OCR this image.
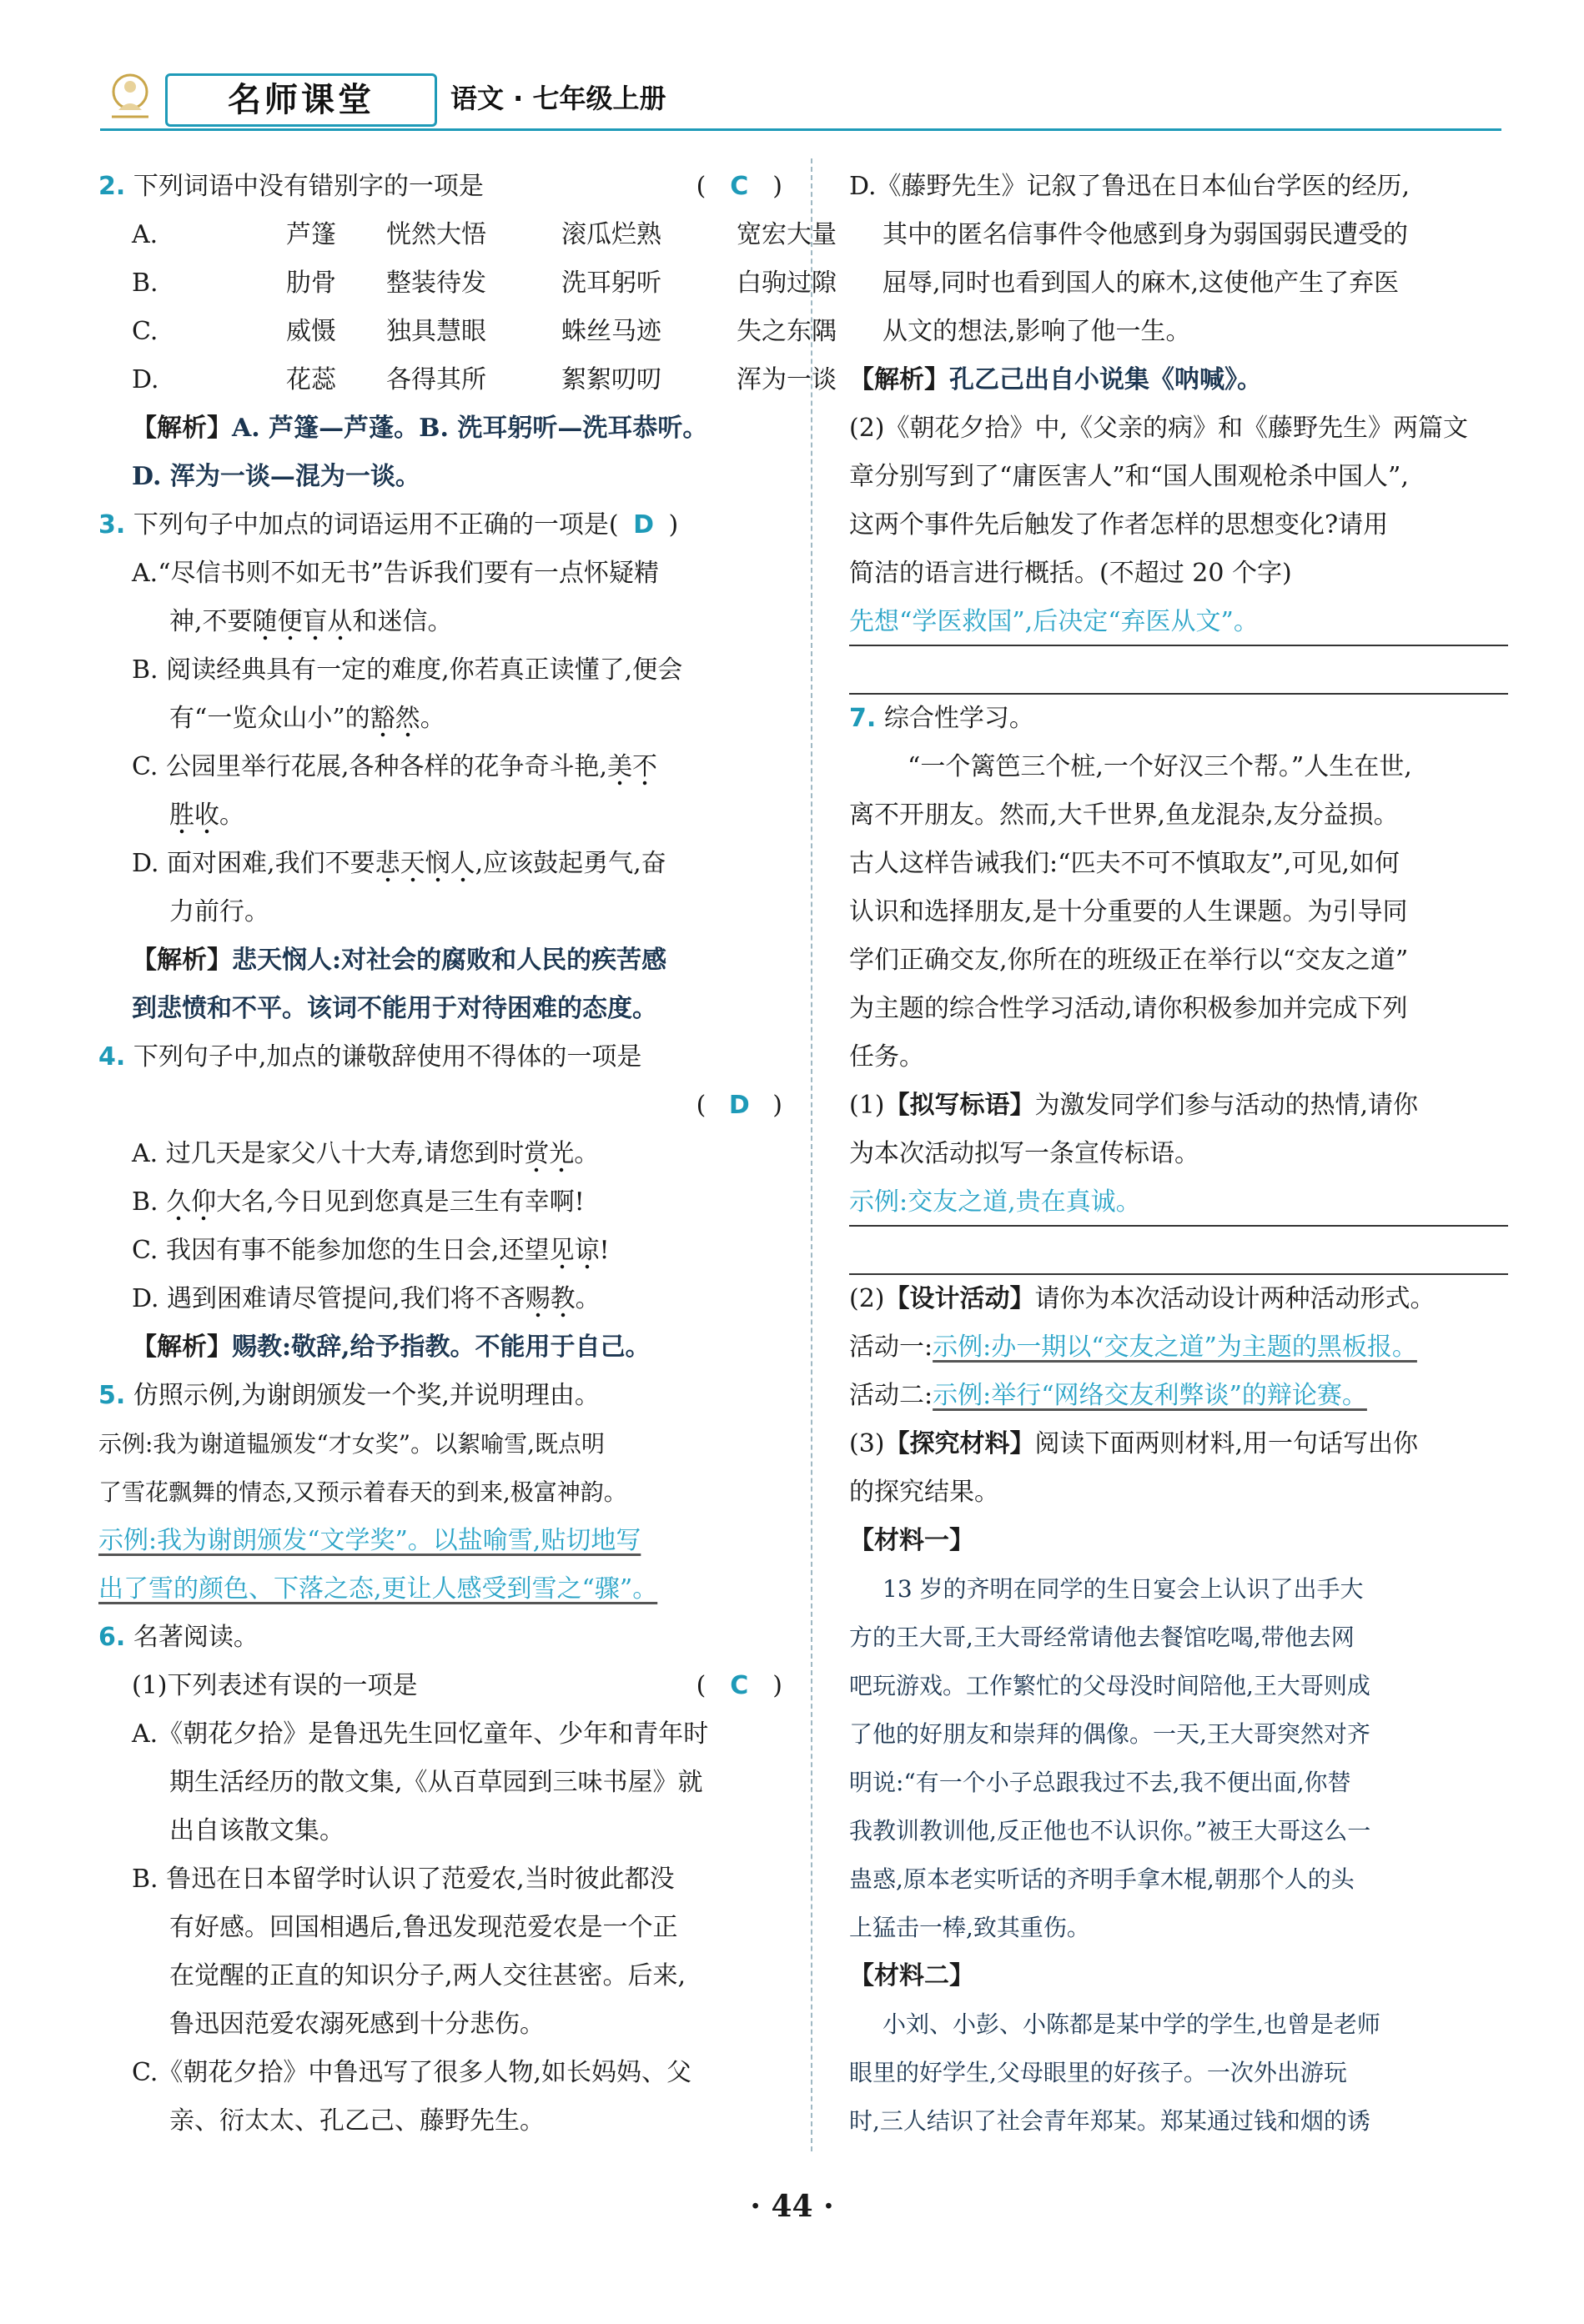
名师课堂	语文 · 七年级上册
2. 下列词语中没有错别字的一项是	( C )
A.	芦篷 恍然大悟	滚瓜烂熟	宽宏大量
B.	肋骨 整装待发	洗耳躬听	白驹过隙
C.	威慑 独具慧眼	蛛丝马迹	失之东隅
D.	花蕊 各得其所	絮絮叨叨	浑为一谈
【解析】A. 芦篷—芦蓬。B. 洗耳躬听—洗耳恭听。
D. 浑为一谈—混为一谈。
3. 下列句子中加点的词语运用不正确的一项是( D )
A.“尽信书则不如无书”告诉我们要有一点怀疑精
神,不要随便盲从和迷信。
B. 阅读经典具有一定的难度,你若真正读懂了,便会
有“一览众山小”的豁然。
C. 公园里举行花展,各种各样的花争奇斗艳,美不
胜收。
D. 面对困难,我们不要悲天悯人,应该鼓起勇气,奋
力前行。
【解析】悲天悯人:对社会的腐败和人民的疾苦感
到悲愤和不平。该词不能用于对待困难的态度。
4. 下列句子中,加点的谦敬辞使用不得体的一项是
( D )
A. 过几天是家父八十大寿,请您到时赏光。
B. 久仰大名,今日见到您真是三生有幸啊!
C. 我因有事不能参加您的生日会,还望见谅!
D. 遇到困难请尽管提问,我们将不吝赐教。
【解析】赐教:敬辞,给予指教。不能用于自己。
5. 仿照示例,为谢朗颁发一个奖,并说明理由。
示例:我为谢道韫颁发“才女奖”。以絮喻雪,既点明
了雪花飘舞的情态,又预示着春天的到来,极富神韵。
示例:我为谢朗颁发“文学奖”。以盐喻雪,贴切地写
出了雪的颜色、下落之态,更让人感受到雪之“骤”。
6. 名著阅读。
(1)下列表述有误的一项是	( C )
A.《朝花夕拾》是鲁迅先生回忆童年、少年和青年时
期生活经历的散文集,《从百草园到三味书屋》就
出自该散文集。
B. 鲁迅在日本留学时认识了范爱农,当时彼此都没
有好感。回国相遇后,鲁迅发现范爱农是一个正
在觉醒的正直的知识分子,两人交往甚密。后来,
鲁迅因范爱农溺死感到十分悲伤。
C.《朝花夕拾》中鲁迅写了很多人物,如长妈妈、父
亲、衍太太、孔乙己、藤野先生。
D.《藤野先生》记叙了鲁迅在日本仙台学医的经历,
其中的匿名信事件令他感到身为弱国弱民遭受的
屈辱,同时也看到国人的麻木,这使他产生了弃医
从文的想法,影响了他一生。
【解析】孔乙己出自小说集《呐喊》。
(2)《朝花夕拾》中,《父亲的病》和《藤野先生》两篇文
章分别写到了“庸医害人”和“国人围观枪杀中国人”,
这两个事件先后触发了作者怎样的思想变化?请用
简洁的语言进行概括。(不超过 20 个字)
先想“学医救国”,后决定“弃医从文”。
7. 综合性学习。
　“一个篱笆三个桩,一个好汉三个帮。”人生在世,
离不开朋友。然而,大千世界,鱼龙混杂,友分益损。
古人这样告诫我们:“匹夫不可不慎取友”,可见,如何
认识和选择朋友,是十分重要的人生课题。为引导同
学们正确交友,你所在的班级正在举行以“交友之道”
为主题的综合性学习活动,请你积极参加并完成下列
任务。
(1)【拟写标语】为激发同学们参与活动的热情,请你
为本次活动拟写一条宣传标语。
示例:交友之道,贵在真诚。
(2)【设计活动】请你为本次活动设计两种活动形式。
活动一:示例:办一期以“交友之道”为主题的黑板报。
活动二:示例:举行“网络交友利弊谈”的辩论赛。
(3)【探究材料】阅读下面两则材料,用一句话写出你
的探究结果。
【材料一】
13 岁的齐明在同学的生日宴会上认识了出手大
方的王大哥,王大哥经常请他去餐馆吃喝,带他去网
吧玩游戏。工作繁忙的父母没时间陪他,王大哥则成
了他的好朋友和崇拜的偶像。一天,王大哥突然对齐
明说:“有一个小子总跟我过不去,我不便出面,你替
我教训教训他,反正他也不认识你。”被王大哥这么一
蛊惑,原本老实听话的齐明手拿木棍,朝那个人的头
上猛击一棒,致其重伤。
【材料二】
小刘、小彭、小陈都是某中学的学生,也曾是老师
眼里的好学生,父母眼里的好孩子。一次外出游玩
时,三人结识了社会青年郑某。郑某通过钱和烟的诱
· 44 ·
